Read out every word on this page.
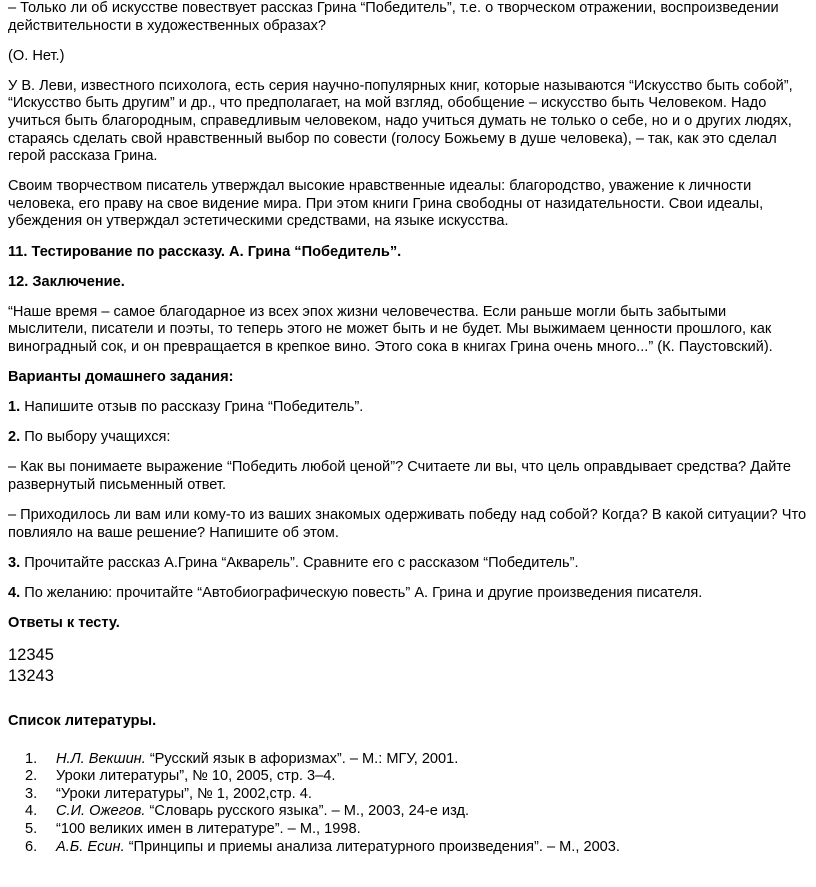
– Только ли об искусстве повествует рассказ Грина “Победитель”, т.е. о творческом отражении, воспроизведении действительности в художественных образах?

(О. Нет.)

У В. Леви, известного психолога, есть серия научно-популярных книг, которые называются “Искусство быть собой”, “Искусство быть другим” и др., что предполагает, на мой взгляд, обобщение – искусство быть Человеком. Надо учиться быть благородным, справедливым человеком, надо учиться думать не только о себе, но и о других людях, стараясь сделать свой нравственный выбор по совести (голосу Божьему в душе человека), – так, как это сделал герой рассказа Грина.

Своим творчеством писатель утверждал высокие нравственные идеалы: благородство, уважение к личности человека, его праву на свое видение мира. При этом книги Грина свободны от назидательности. Свои идеалы, убеждения он утверждал эстетическими средствами, на языке искусства.

11. Тестирование по рассказу. А. Грина “Победитель”.

12. Заключение.

“Наше время – самое благодарное из всех эпох жизни человечества. Если раньше могли быть забытыми мыслители, писатели и поэты, то теперь этого не может быть и не будет. Мы выжимаем ценности прошлого, как виноградный сок, и он превращается в крепкое вино. Этого сока в книгах Грина очень много...” (К. Паустовский).

Варианты домашнего задания:

1. Напишите отзыв по рассказу Грина “Победитель”.

2. По выбору учащихся:

– Как вы понимаете выражение “Победить любой ценой”? Считаете ли вы, что цель оправдывает средства? Дайте развернутый письменный ответ.

– Приходилось ли вам или кому-то из ваших знакомых одерживать победу над собой? Когда? В какой ситуации? Что повлияло на ваше решение? Напишите об этом.

3. Прочитайте рассказ А.Грина “Акварель”. Сравните его с рассказом “Победитель”.

4. По желанию: прочитайте “Автобиографическую повесть” А. Грина и другие произведения писателя.

Ответы к тесту.

12345

13243

Список литературы.

1.	Н.Л. Векшин. “Русский язык в афоризмах”. – М.: МГУ, 2001.
2.	Уроки литературы”, № 10, 2005, стр. 3–4.
3.	“Уроки литературы”, № 1, 2002,стр. 4.
4.	С.И. Ожегов. “Словарь русского языка”. – М., 2003, 24-е изд.
5.	“100 великих имен в литературе”. – М., 1998.
6.	А.Б. Есин. “Принципы и приемы анализа литературного произведения”. – М., 2003.
